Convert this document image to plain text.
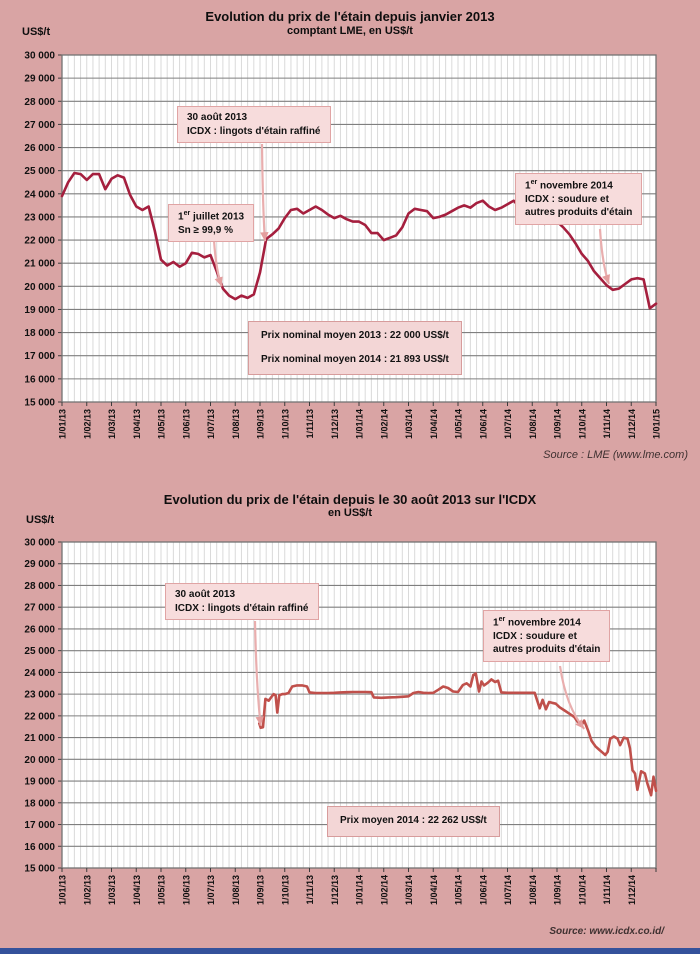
30 000
29 000
28 000
27 000
26 000
25 000
24 000
23 000
22 000
21 000
20 000
19 000
18 000
17 000
16 000
15 000
1/01/13 1/02/13 1/03/13 1/04/13 1/05/13 1/06/13 1/07/13 1/08/13 1/09/13 1/10/13 1/11/13 1/12/13 1/01/14 1/02/14 1/03/14 1/04/14 1/05/14 1/06/14 1/07/14 1/08/14 1/09/14 1/10/14 1/11/14 1/12/14 1/01/15
30 août 2013
ICDX : lingots d'étain raffiné
1er juillet 2013
Sn ≥ 99,9 %
1er novembre 2014
ICDX : soudure et
autres produits d'étain
Prix nominal moyen 2013 : 22 000 US$/t
Prix nominal moyen 2014 : 21 893 US$/t
Evolution du prix de l'étain depuis janvier 2013
comptant LME, en US$/t
US$/t
Source : LME (www.lme.com)
30 000
29 000
28 000
27 000
26 000
25 000
24 000
23 000
22 000
21 000
20 000
19 000
18 000
17 000
16 000
15 000
1/01/13 1/02/13 1/03/13 1/04/13 1/05/13 1/06/13 1/07/13 1/08/13 1/09/13 1/10/13 1/11/13 1/12/13 1/01/14 1/02/14 1/03/14 1/04/14 1/05/14 1/06/14 1/07/14 1/08/14 1/09/14 1/10/14 1/11/14 1/12/14
30 août 2013
ICDX : lingots d'étain raffiné
1er novembre 2014
ICDX : soudure et
autres produits d'étain
Prix moyen 2014 : 22 262 US$/t
Evolution du prix de l'étain depuis le 30 août 2013 sur l'ICDX
en US$/t
US$/t
Source: www.icdx.co.id/
